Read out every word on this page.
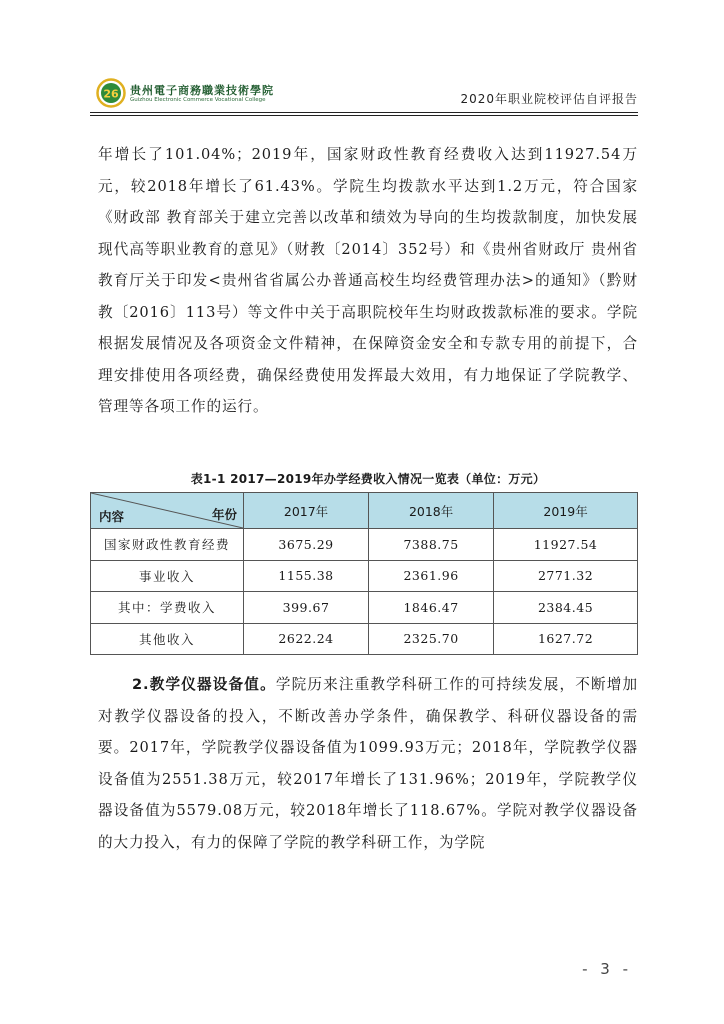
26 贵州電子商務職業技術學院
Guizhou Electronic Commerce Vocational College	2020年职业院校评估自评报告
年增长了101.04%；2019年，国家财政性教育经费收入达到11927.54万元，较2018年增长了61.43%。学院生均拨款水平达到1.2万元，符合国家《财政部 教育部关于建立完善以改革和绩效为导向的生均拨款制度，加快发展现代高等职业教育的意见》（财教〔2014〕352号）和《贵州省财政厅 贵州省教育厅关于印发<贵州省省属公办普通高校生均经费管理办法>的通知》（黔财教〔2016〕113号）等文件中关于高职院校年生均财政拨款标准的要求。学院根据发展情况及各项资金文件精神，在保障资金安全和专款专用的前提下，合理安排使用各项经费，确保经费使用发挥最大效用，有力地保证了学院教学、管理等各项工作的运行。
表1-1 2017—2019年办学经费收入情况一览表（单位：万元）
内容 年份	2017年	2018年	2019年
国家财政性教育经费	3675.29	7388.75	11927.54
事业收入	1155.38	2361.96	2771.32
其中：学费收入	399.67	1846.47	2384.45
其他收入	2622.24	2325.70	1627.72
2.教学仪器设备值。学院历来注重教学科研工作的可持续发展，不断增加对教学仪器设备的投入，不断改善办学条件，确保教学、科研仪器设备的需要。2017年，学院教学仪器设备值为1099.93万元；2018年，学院教学仪器设备值为2551.38万元，较2017年增长了131.96%；2019年，学院教学仪器设备值为5579.08万元，较2018年增长了118.67%。学院对教学仪器设备的大力投入，有力的保障了学院的教学科研工作，为学院
- 3 -
